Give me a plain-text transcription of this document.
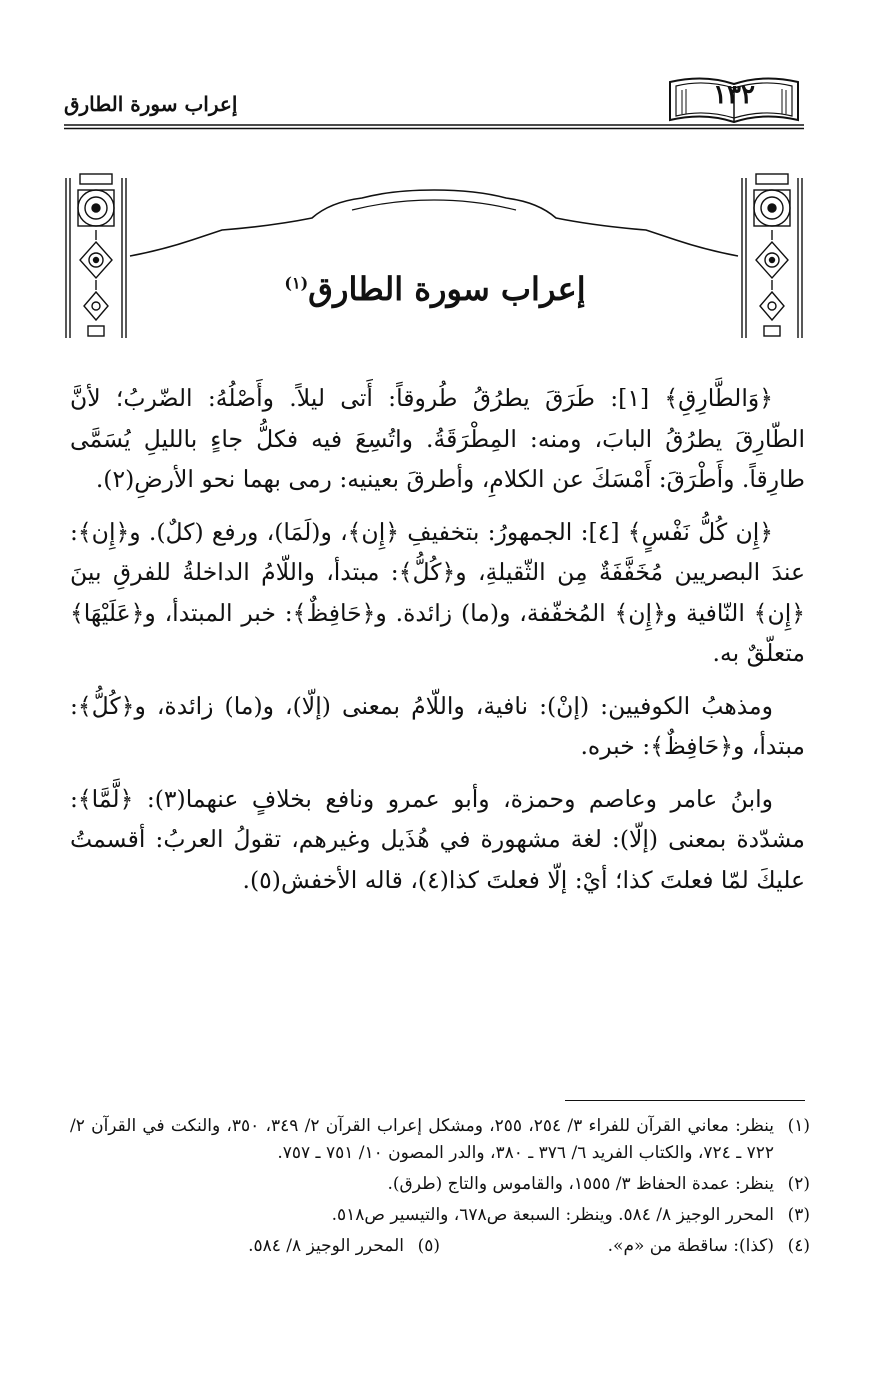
إعراب سورة الطارق	١٣٢
إعراب سورة الطارق$^{(١)}$

﴿وَالطَّارِقِ﴾ [١]: طَرَقَ يطرُقُ طُروقاً: أَتى ليلاً. وأَصْلُهُ: الضّربُ؛ لأنَّ الطّارِقَ يطرُقُ البابَ، ومنه: المِطْرَقَةُ. واتُسِعَ فيه فكلُّ جاءٍ بالليلِ يُسَمَّى طارِقاً. وأَطْرَقَ: أَمْسَكَ عن الكلامِ، وأطرقَ بعينيه: رمى بهما نحو الأرضِ(٢).

﴿إِن كُلُّ نَفْسٍ﴾ [٤]: الجمهورُ: بتخفيفِ ﴿إِن﴾، و(لَمَا)، ورفع (كلٌ). و﴿إِن﴾: عندَ البصريين مُخَفَّفَةٌ مِن الثّقيلةِ، و﴿كُلُّ﴾: مبتدأ، واللّامُ الداخلةُ للفرقِ بينَ ﴿إِن﴾ النّافية و﴿إِن﴾ المُخفّفة، و(ما) زائدة. و﴿حَافِظٌ﴾: خبر المبتدأ، و﴿عَلَيْهَا﴾ متعلّقٌ به.

ومذهبُ الكوفيين: (إنْ): نافية، واللّامُ بمعنى (إلّا)، و(ما) زائدة، و﴿كُلُّ﴾: مبتدأ، و﴿حَافِظٌ﴾: خبره.

وابنُ عامر وعاصم وحمزة، وأبو عمرو ونافع بخلافٍ عنهما(٣): ﴿لَّمَّا﴾: مشدّدة بمعنى (إلّا): لغة مشهورة في هُذَيل وغيرهم، تقولُ العربُ: أقسمتُ عليكَ لمّا فعلتَ كذا؛ أيْ: إلّا فعلتَ كذا(٤)، قاله الأخفش(٥).

(١)
ينظر: معاني القرآن للفراء ٣/ ٢٥٤، ٢٥٥، ومشكل إعراب القرآن ٢/ ٣٤٩، ٣٥٠، والنكت في القرآن ٢/ ٧٢٢ ـ ٧٢٤، والكتاب الفريد ٦/ ٣٧٦ ـ ٣٨٠، والدر المصون ١٠/ ٧٥١ ـ ٧٥٧.
(٢)
ينظر: عمدة الحفاظ ٣/ ١٥٥٥، والقاموس والتاج (طرق).
(٣)
المحرر الوجيز ٨/ ٥٨٤. وينظر: السبعة ص٦٧٨، والتيسير ص٥١٨.
(٤)
(كذا): ساقطة من «م».
(٥)
المحرر الوجيز ٨/ ٥٨٤.
